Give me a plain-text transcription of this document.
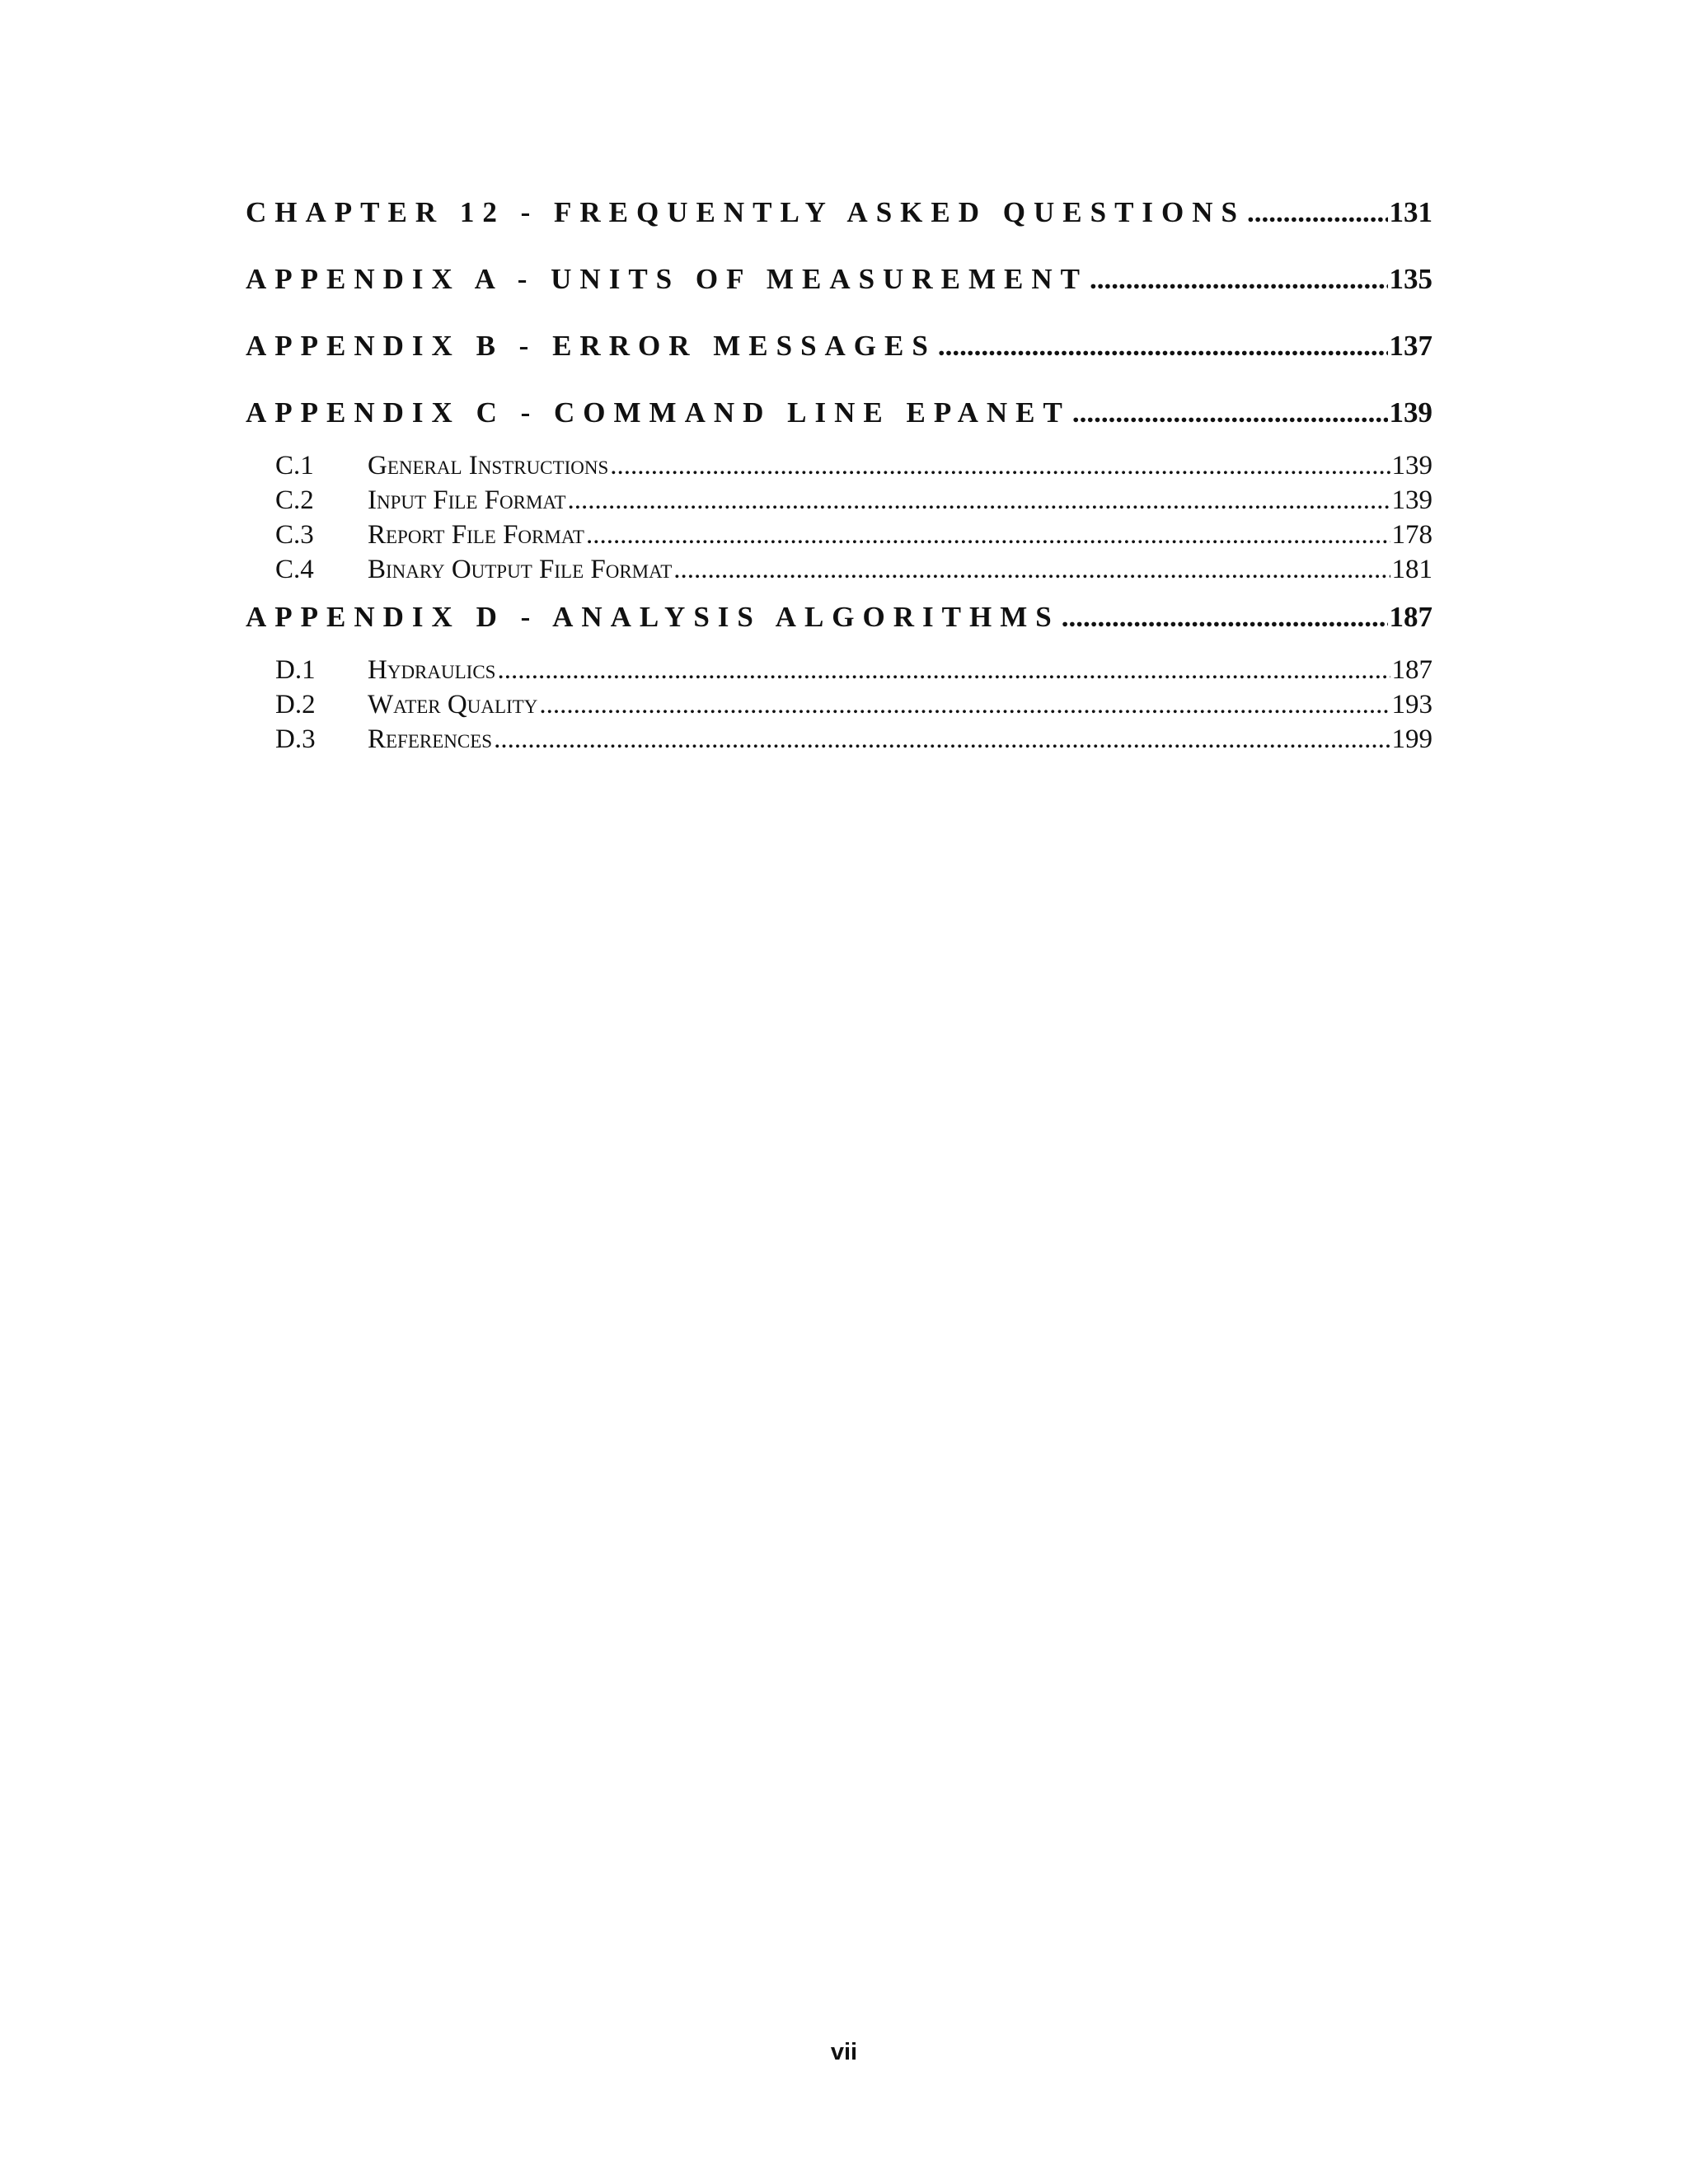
CHAPTER 12 - FREQUENTLY ASKED QUESTIONS .....	131
APPENDIX A - UNITS OF MEASUREMENT .....	135
APPENDIX B - ERROR MESSAGES .....	137
APPENDIX C - COMMAND LINE EPANET .....	139
C.1	General Instructions .....	139
C.2	Input File Format .....	139
C.3	Report File Format .....	178
C.4	Binary Output File Format .....	181
APPENDIX D - ANALYSIS ALGORITHMS .....	187
D.1	Hydraulics .....	187
D.2	Water Quality .....	193
D.3	References .....	199
vii
